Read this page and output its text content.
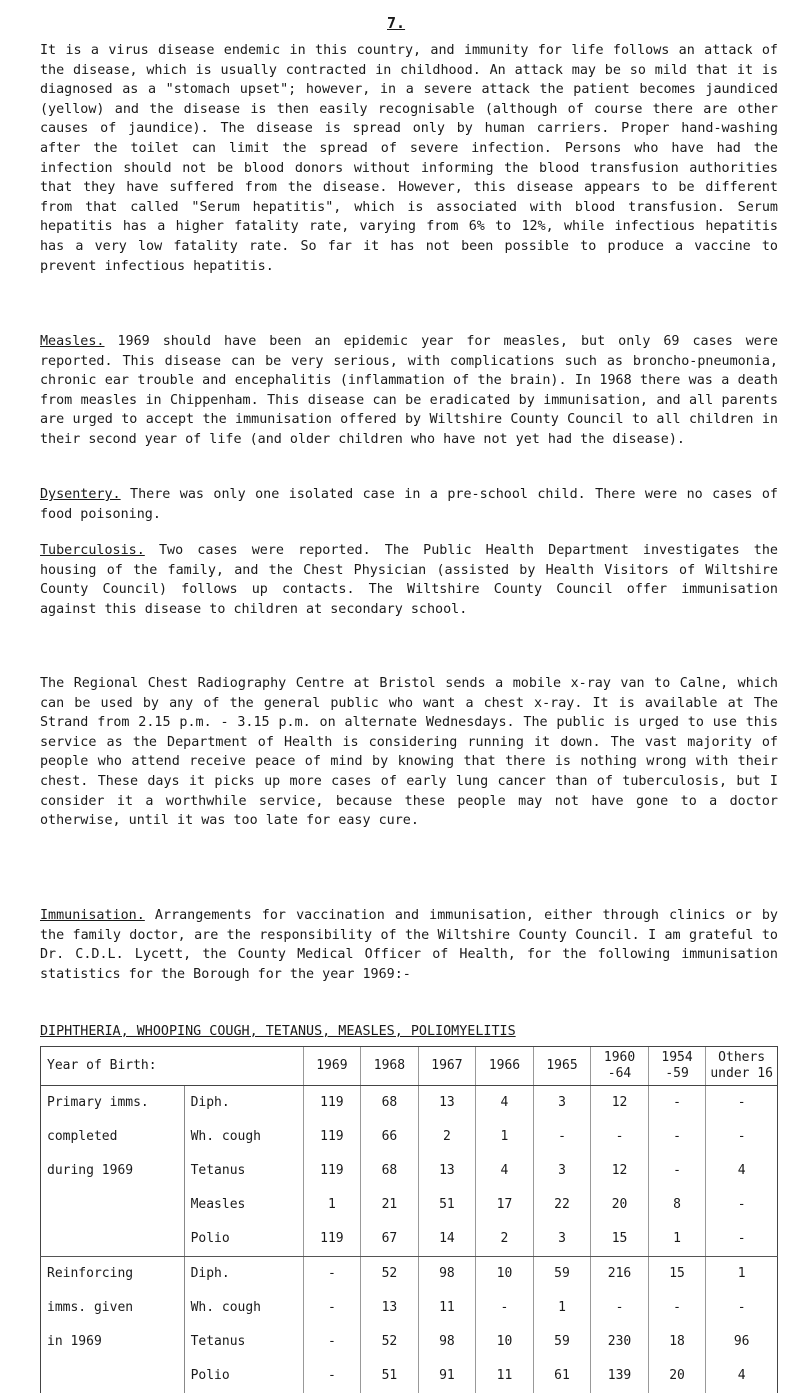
7.

It is a virus disease endemic in this country, and immunity for life follows an attack of the disease, which is usually contracted in childhood. An attack may be so mild that it is diagnosed as a "stomach upset"; however, in a severe attack the patient becomes jaundiced (yellow) and the disease is then easily recognisable (although of course there are other causes of jaundice). The disease is spread only by human carriers. Proper hand-washing after the toilet can limit the spread of severe infection. Persons who have had the infection should not be blood donors without informing the blood transfusion authorities that they have suffered from the disease. However, this disease appears to be different from that called "Serum hepatitis", which is associated with blood transfusion. Serum hepatitis has a higher fatality rate, varying from 6% to 12%, while infectious hepatitis has a very low fatality rate. So far it has not been possible to produce a vaccine to prevent infectious hepatitis.

Measles. 1969 should have been an epidemic year for measles, but only 69 cases were reported. This disease can be very serious, with complications such as broncho-pneumonia, chronic ear trouble and encephalitis (inflammation of the brain). In 1968 there was a death from measles in Chippenham. This disease can be eradicated by immunisation, and all parents are urged to accept the immunisation offered by Wiltshire County Council to all children in their second year of life (and older children who have not yet had the disease).

Dysentery. There was only one isolated case in a pre-school child. There were no cases of food poisoning.

Tuberculosis. Two cases were reported. The Public Health Department investigates the housing of the family, and the Chest Physician (assisted by Health Visitors of Wiltshire County Council) follows up contacts. The Wiltshire County Council offer immunisation against this disease to children at secondary school.

The Regional Chest Radiography Centre at Bristol sends a mobile x-ray van to Calne, which can be used by any of the general public who want a chest x-ray. It is available at The Strand from 2.15 p.m. - 3.15 p.m. on alternate Wednesdays. The public is urged to use this service as the Department of Health is considering running it down. The vast majority of people who attend receive peace of mind by knowing that there is nothing wrong with their chest. These days it picks up more cases of early lung cancer than of tuberculosis, but I consider it a worthwhile service, because these people may not have gone to a doctor otherwise, until it was too late for easy cure.

Immunisation. Arrangements for vaccination and immunisation, either through clinics or by the family doctor, are the responsibility of the Wiltshire County Council. I am grateful to Dr. C.D.L. Lycett, the County Medical Officer of Health, for the following immunisation statistics for the Borough for the year 1969:-

DIPHTHERIA, WHOOPING COUGH, TETANUS, MEASLES, POLIOMYELITIS
Year of Birth:		1969	1968	1967	1966	1965	1960 -64	1954 -59	Others under 16
Primary imms.	Diph.	119	68	13	4	3	12	-	-
completed	Wh. cough	119	66	2	1	-	-	-	-
during 1969	Tetanus	119	68	13	4	3	12	-	4
	Measles	1	21	51	17	22	20	8	-
	Polio	119	67	14	2	3	15	1	-
Reinforcing	Diph.	-	52	98	10	59	216	15	1
imms. given	Wh. cough	-	13	11	-	1	-	-	-
in 1969	Tetanus	-	52	98	10	59	230	18	96
	Polio	-	51	91	11	61	139	20	4
